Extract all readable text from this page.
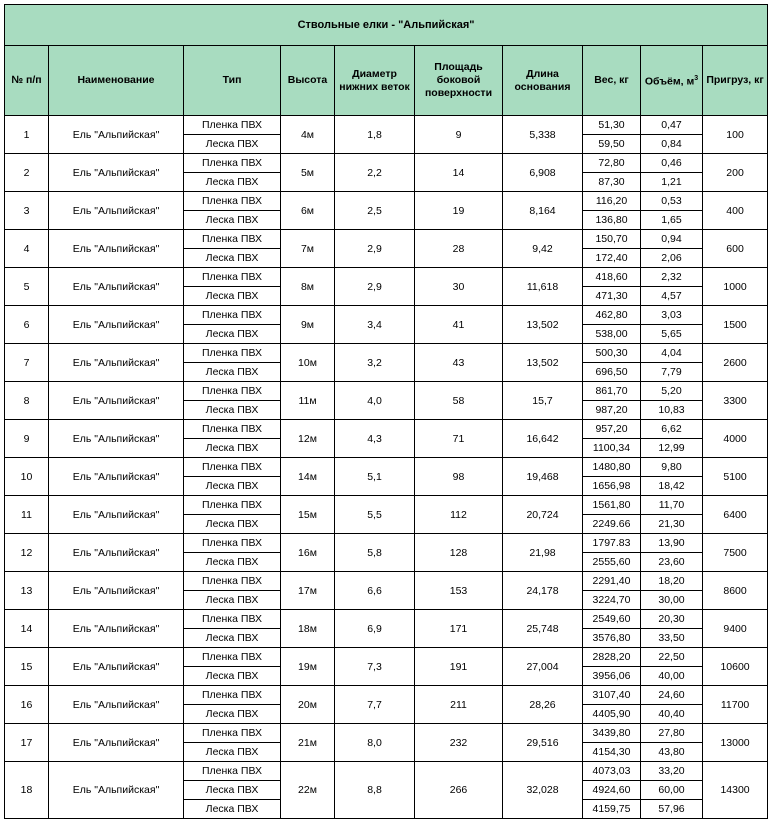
Ствольные елки - "Альпийская"									
№ п/п	Наименование	Тип	Высота	Диаметр нижних веток	Площадь боковой поверхности	Длина основания	Вес, кг	Объём, $м^3$	Пригруз, кг
1	Ель "Альпийская"	Пленка ПВХ	4м	1,8	9	5,338	51,30	0,47	100
		Леска ПВХ					59,50	0,84	
2	Ель "Альпийская"	Пленка ПВХ	5м	2,2	14	6,908	72,80	0,46	200
		Леска ПВХ					87,30	1,21	
3	Ель "Альпийская"	Пленка ПВХ	6м	2,5	19	8,164	116,20	0,53	400
		Леска ПВХ					136,80	1,65	
4	Ель "Альпийская"	Пленка ПВХ	7м	2,9	28	9,42	150,70	0,94	600
		Леска ПВХ					172,40	2,06	
5	Ель "Альпийская"	Пленка ПВХ	8м	2,9	30	11,618	418,60	2,32	1000
		Леска ПВХ					471,30	4,57	
6	Ель "Альпийская"	Пленка ПВХ	9м	3,4	41	13,502	462,80	3,03	1500
		Леска ПВХ					538,00	5,65	
7	Ель "Альпийская"	Пленка ПВХ	10м	3,2	43	13,502	500,30	4,04	2600
		Леска ПВХ					696,50	7,79	
8	Ель "Альпийская"	Пленка ПВХ	11м	4,0	58	15,7	861,70	5,20	3300
		Леска ПВХ					987,20	10,83	
9	Ель "Альпийская"	Пленка ПВХ	12м	4,3	71	16,642	957,20	6,62	4000
		Леска ПВХ					1100,34	12,99	
10	Ель "Альпийская"	Пленка ПВХ	14м	5,1	98	19,468	1480,80	9,80	5100
		Леска ПВХ					1656,98	18,42	
11	Ель "Альпийская"	Пленка ПВХ	15м	5,5	112	20,724	1561,80	11,70	6400
		Леска ПВХ					2249.66	21,30	
12	Ель "Альпийская"	Пленка ПВХ	16м	5,8	128	21,98	1797.83	13,90	7500
		Леска ПВХ					2555,60	23,60	
13	Ель "Альпийская"	Пленка ПВХ	17м	6,6	153	24,178	2291,40	18,20	8600
		Леска ПВХ					3224,70	30,00	
14	Ель "Альпийская"	Пленка ПВХ	18м	6,9	171	25,748	2549,60	20,30	9400
		Леска ПВХ					3576,80	33,50	
15	Ель "Альпийская"	Пленка ПВХ	19м	7,3	191	27,004	2828,20	22,50	10600
		Леска ПВХ					3956,06	40,00	
16	Ель "Альпийская"	Пленка ПВХ	20м	7,7	211	28,26	3107,40	24,60	11700
		Леска ПВХ					4405,90	40,40	
17	Ель "Альпийская"	Пленка ПВХ	21м	8,0	232	29,516	3439,80	27,80	13000
		Леска ПВХ					4154,30	43,80	
18	Ель "Альпийская"	Пленка ПВХ	22м	8,8	266	32,028	4073,03	33,20	14300
		Леска ПВХ					4924,60	60,00	
		Леска ПВХ					4159,75	57,96	
